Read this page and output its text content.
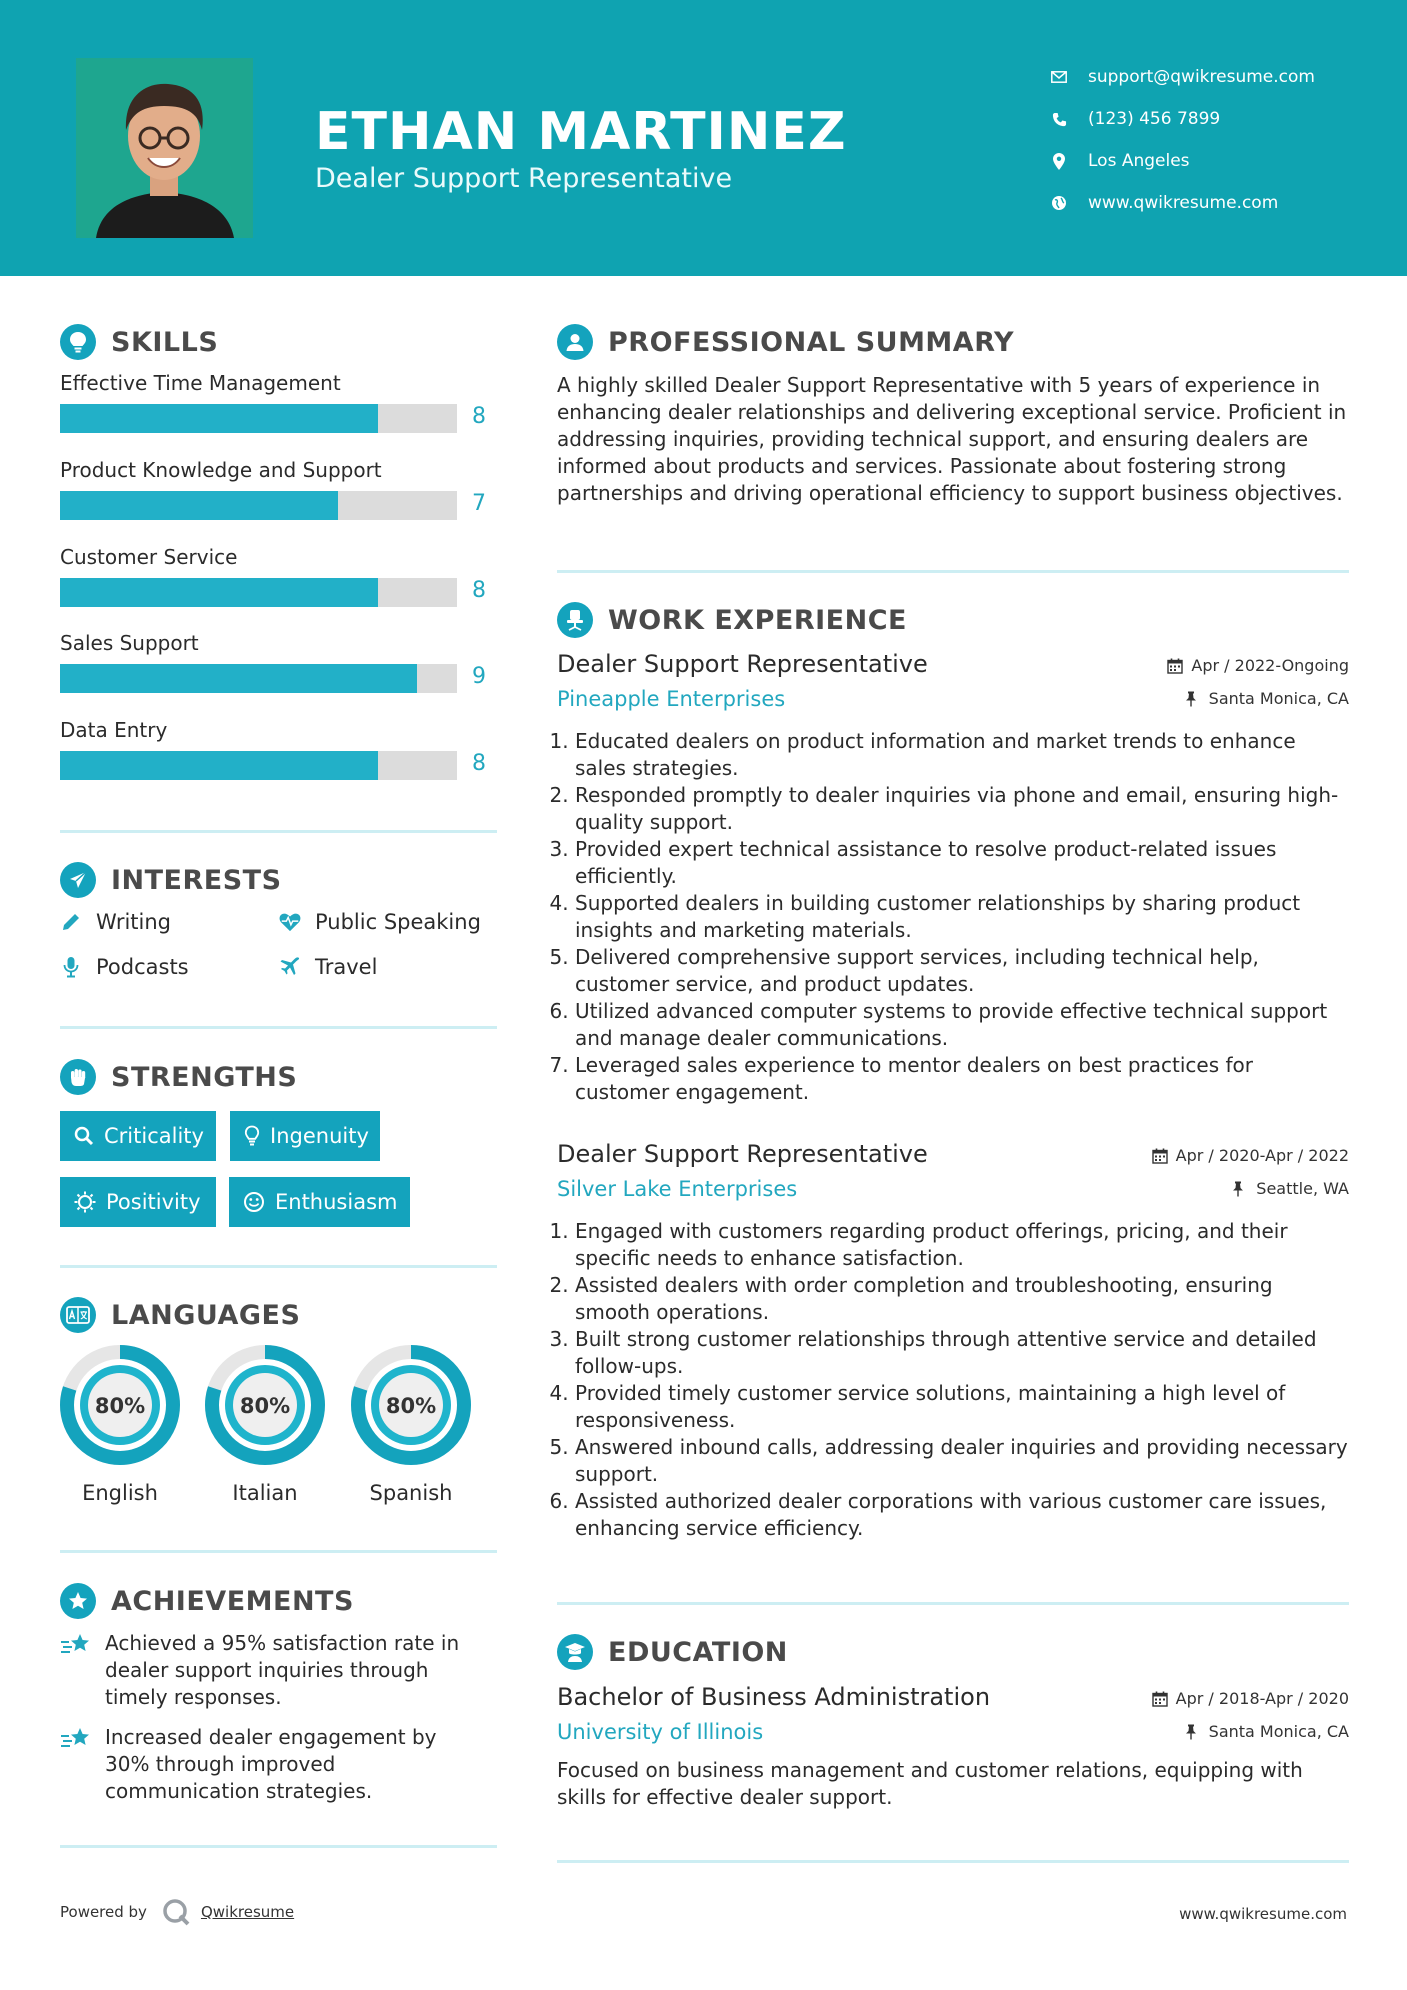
ETHAN MARTINEZ
Dealer Support Representative
support@qwikresume.com
(123) 456 7899
Los Angeles
www.qwikresume.com
SKILLS
Effective Time Management
8
Product Knowledge and Support
7
Customer Service
8
Sales Support
9
Data Entry
8
INTERESTS
Writing	Public Speaking
Podcasts	Travel
STRENGTHS
Criticality	Ingenuity
Positivity	Enthusiasm
LANGUAGES
80%
English
80%
Italian
80%
Spanish
ACHIEVEMENTS
Achieved a 95% satisfaction rate in dealer support inquiries through timely responses.
Increased dealer engagement by 30% through improved communication strategies.
PROFESSIONAL SUMMARY
A highly skilled Dealer Support Representative with 5 years of experience in enhancing dealer relationships and delivering exceptional service. Proficient in addressing inquiries, providing technical support, and ensuring dealers are informed about products and services. Passionate about fostering strong partnerships and driving operational efficiency to support business objectives.
WORK EXPERIENCE
Dealer Support Representative	Apr / 2022-Ongoing
Pineapple Enterprises	Santa Monica, CA
1. Educated dealers on product information and market trends to enhance sales strategies.
2. Responded promptly to dealer inquiries via phone and email, ensuring high-quality support.
3. Provided expert technical assistance to resolve product-related issues efficiently.
4. Supported dealers in building customer relationships by sharing product insights and marketing materials.
5. Delivered comprehensive support services, including technical help, customer service, and product updates.
6. Utilized advanced computer systems to provide effective technical support and manage dealer communications.
7. Leveraged sales experience to mentor dealers on best practices for customer engagement.
Dealer Support Representative	Apr / 2020-Apr / 2022
Silver Lake Enterprises	Seattle, WA
1. Engaged with customers regarding product offerings, pricing, and their specific needs to enhance satisfaction.
2. Assisted dealers with order completion and troubleshooting, ensuring smooth operations.
3. Built strong customer relationships through attentive service and detailed follow-ups.
4. Provided timely customer service solutions, maintaining a high level of responsiveness.
5. Answered inbound calls, addressing dealer inquiries and providing necessary support.
6. Assisted authorized dealer corporations with various customer care issues, enhancing service efficiency.
EDUCATION
Bachelor of Business Administration	Apr / 2018-Apr / 2020
University of Illinois	Santa Monica, CA
Focused on business management and customer relations, equipping with skills for effective dealer support.
Powered by	Qwikresume	www.qwikresume.com
